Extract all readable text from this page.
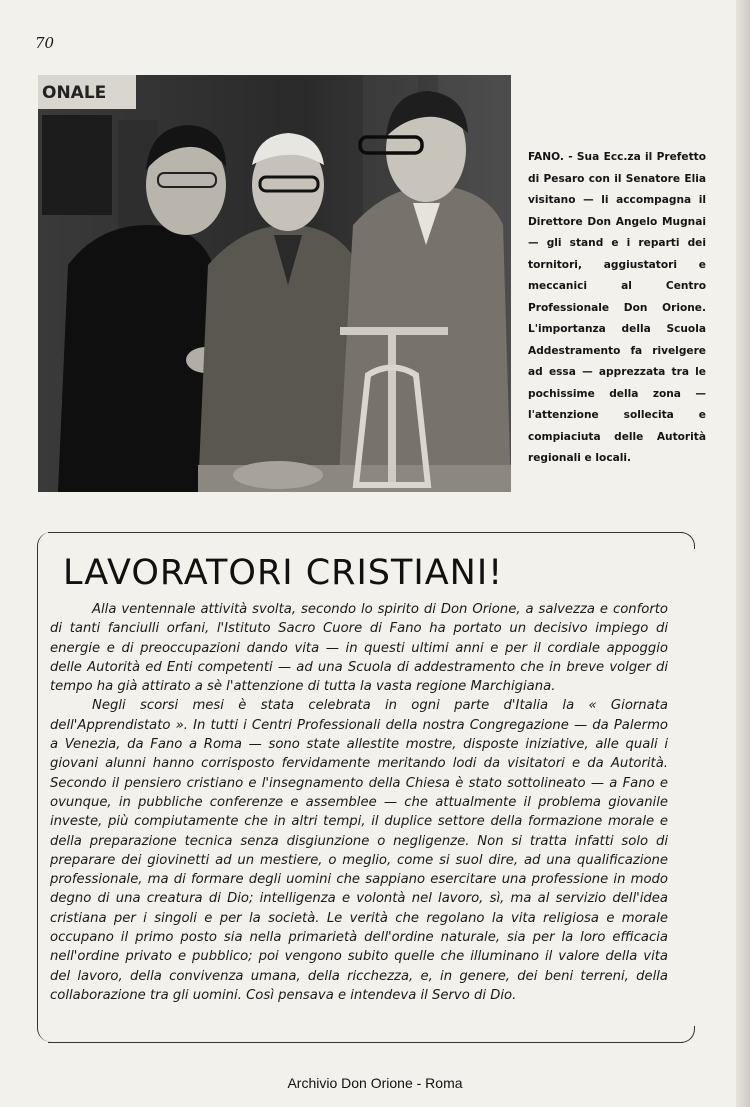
70
ONALE
FANO. - Sua Ecc.za il Prefetto di Pesaro con il Senatore Elia visitano — li accompagna il Direttore Don Angelo Mugnai — gli stand e i reparti dei tornitori, aggiustatori e meccanici al Centro Professionale Don Orione. L'importanza della Scuola Addestramento fa rivelgere ad essa — apprezzata tra le pochissime della zona — l'attenzione sollecita e compiaciuta delle Autorità regionali e locali.
LAVORATORI CRISTIANI!

Alla ventennale attività svolta, secondo lo spirito di Don Orione, a salvezza e conforto di tanti fanciulli orfani, l'Istituto Sacro Cuore di Fano ha portato un decisivo impiego di energie e di preoccupazioni dando vita — in questi ultimi anni e per il cordiale appoggio delle Autorità ed Enti competenti — ad una Scuola di addestramento che in breve volger di tempo ha già attirato a sè l'attenzione di tutta la vasta regione Marchigiana.

Negli scorsi mesi è stata celebrata in ogni parte d'Italia la « Giornata dell'Apprendistato ». In tutti i Centri Professionali della nostra Congregazione — da Palermo a Venezia, da Fano a Roma — sono state allestite mostre, disposte iniziative, alle quali i giovani alunni hanno corrisposto fervidamente meritando lodi da visitatori e da Autorità. Secondo il pensiero cristiano e l'insegnamento della Chiesa è stato sottolineato — a Fano e ovunque, in pubbliche conferenze e assemblee — che attualmente il problema giovanile investe, più compiutamente che in altri tempi, il duplice settore della formazione morale e della preparazione tecnica senza disgiunzione o negligenze. Non si tratta infatti solo di preparare dei giovinetti ad un mestiere, o meglio, come si suol dire, ad una qualificazione professionale, ma di formare degli uomini che sappiano esercitare una professione in modo degno di una creatura di Dio; intelligenza e volontà nel lavoro, sì, ma al servizio dell'idea cristiana per i singoli e per la società. Le verità che regolano la vita religiosa e morale occupano il primo posto sia nella primarietà dell'ordine naturale, sia per la loro efficacia nell'ordine privato e pubblico; poi vengono subito quelle che illuminano il valore della vita del lavoro, della convivenza umana, della ricchezza, e, in genere, dei beni terreni, della collaborazione tra gli uomini. Così pensava e intendeva il Servo di Dio.

Archivio Don Orione - Roma
